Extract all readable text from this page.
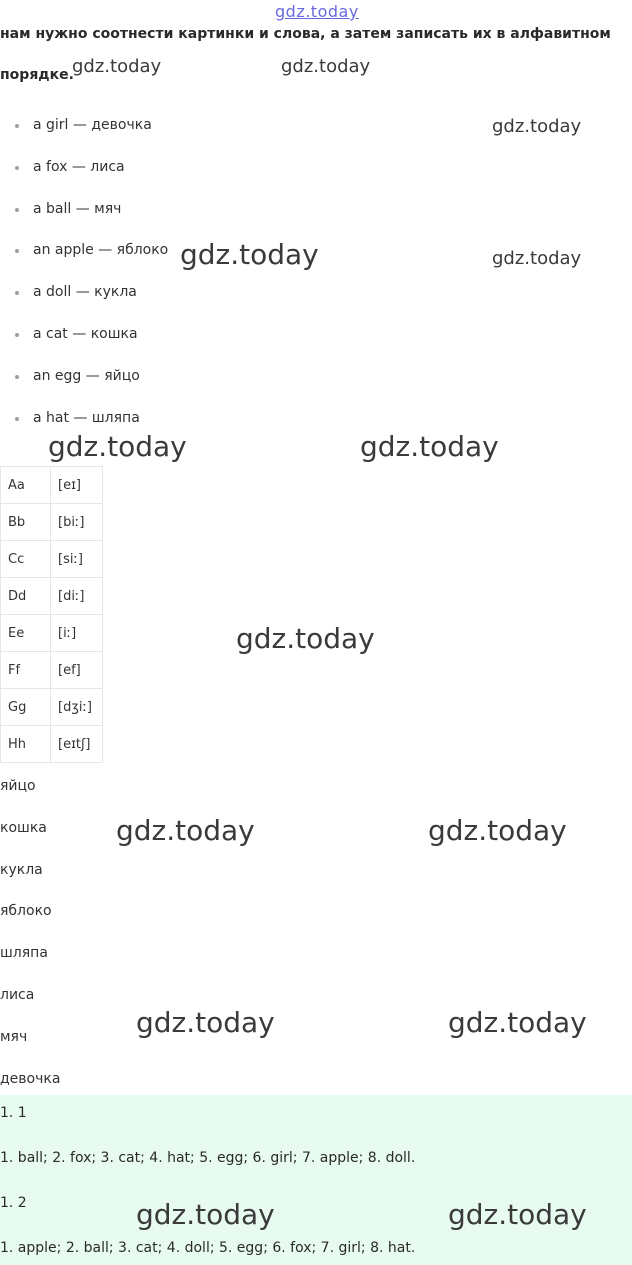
gdz.today
нам нужно соотнести картинки и слова, а затем записать их в алфавитном
порядке.
a girl — девочка
a fox — лиса
a ball — мяч
an apple — яблоко
a doll — кукла
a cat — кошка
an egg — яйцо
a hat — шляпа
Aa	[eɪ]
Bb	[biː]
Cc	[siː]
Dd	[diː]
Ee	[iː]
Ff	[ef]
Gg	[dʒiː]
Hh	[eɪtʃ]
яйцо
кошка
кукла
яблоко
шляпа
лиса
мяч
девочка
1. 1
1. ball; 2. fox; 3. cat; 4. hat; 5. egg; 6. girl; 7. apple; 8. doll.
1. 2
1. apple; 2. ball; 3. cat; 4. doll; 5. egg; 6. fox; 7. girl; 8. hat.
gdz.today	gdz.today
gdz.today
gdz.today	gdz.today
gdz.today	gdz.today
gdz.today
gdz.today	gdz.today
gdz.today	gdz.today
gdz.today	gdz.today
